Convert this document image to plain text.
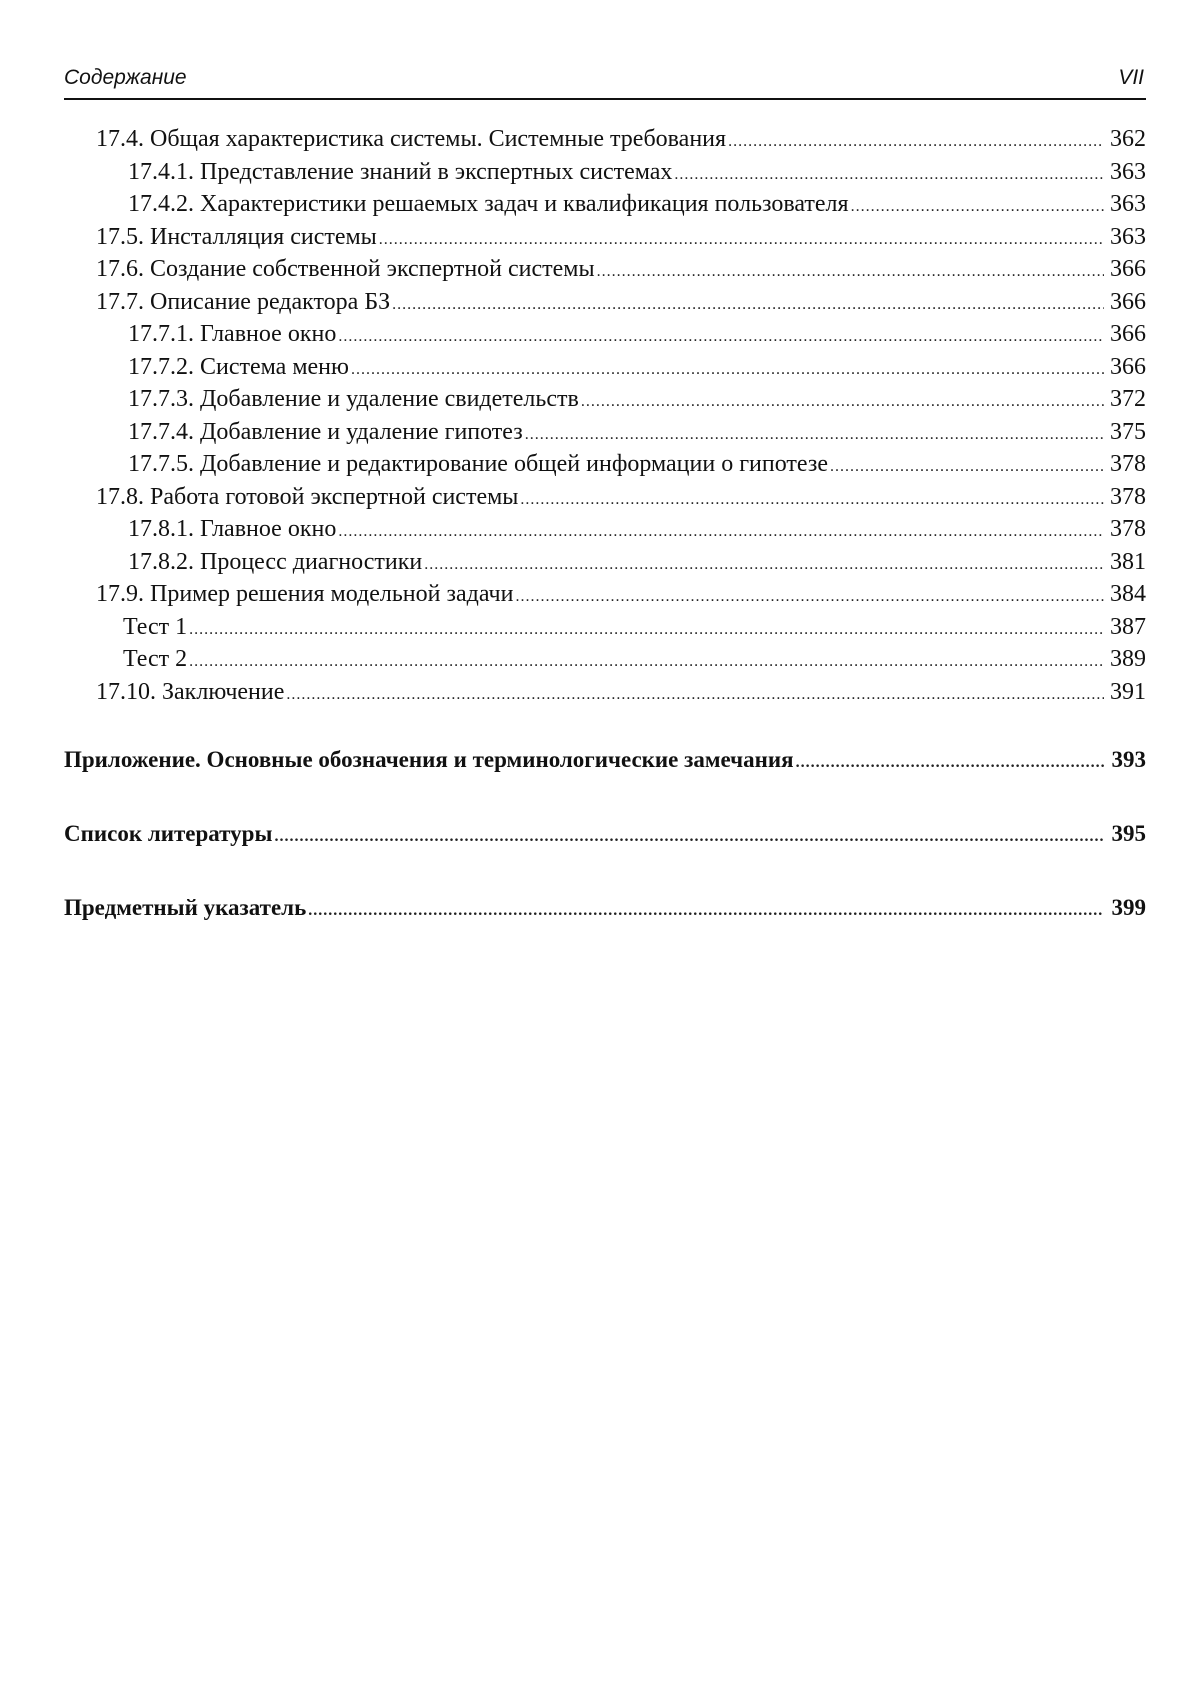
Содержание	VII
17.4. Общая характеристика системы. Системные требования .....	362
17.4.1. Представление знаний в экспертных системах .....	363
17.4.2. Характеристики решаемых задач и квалификация пользователя .....	363
17.5. Инсталляция системы .....	363
17.6. Создание собственной экспертной системы .....	366
17.7. Описание редактора БЗ .....	366
17.7.1. Главное окно .....	366
17.7.2. Система меню .....	366
17.7.3. Добавление и удаление свидетельств .....	372
17.7.4. Добавление и удаление гипотез .....	375
17.7.5. Добавление и редактирование общей информации о гипотезе .....	378
17.8. Работа готовой экспертной системы .....	378
17.8.1. Главное окно .....	378
17.8.2. Процесс диагностики .....	381
17.9. Пример решения модельной задачи .....	384
Тест 1 .....	387
Тест 2 .....	389
17.10. Заключение .....	391
Приложение. Основные обозначения и терминологические замечания .....	393
Список литературы .....	395
Предметный указатель .....	399
